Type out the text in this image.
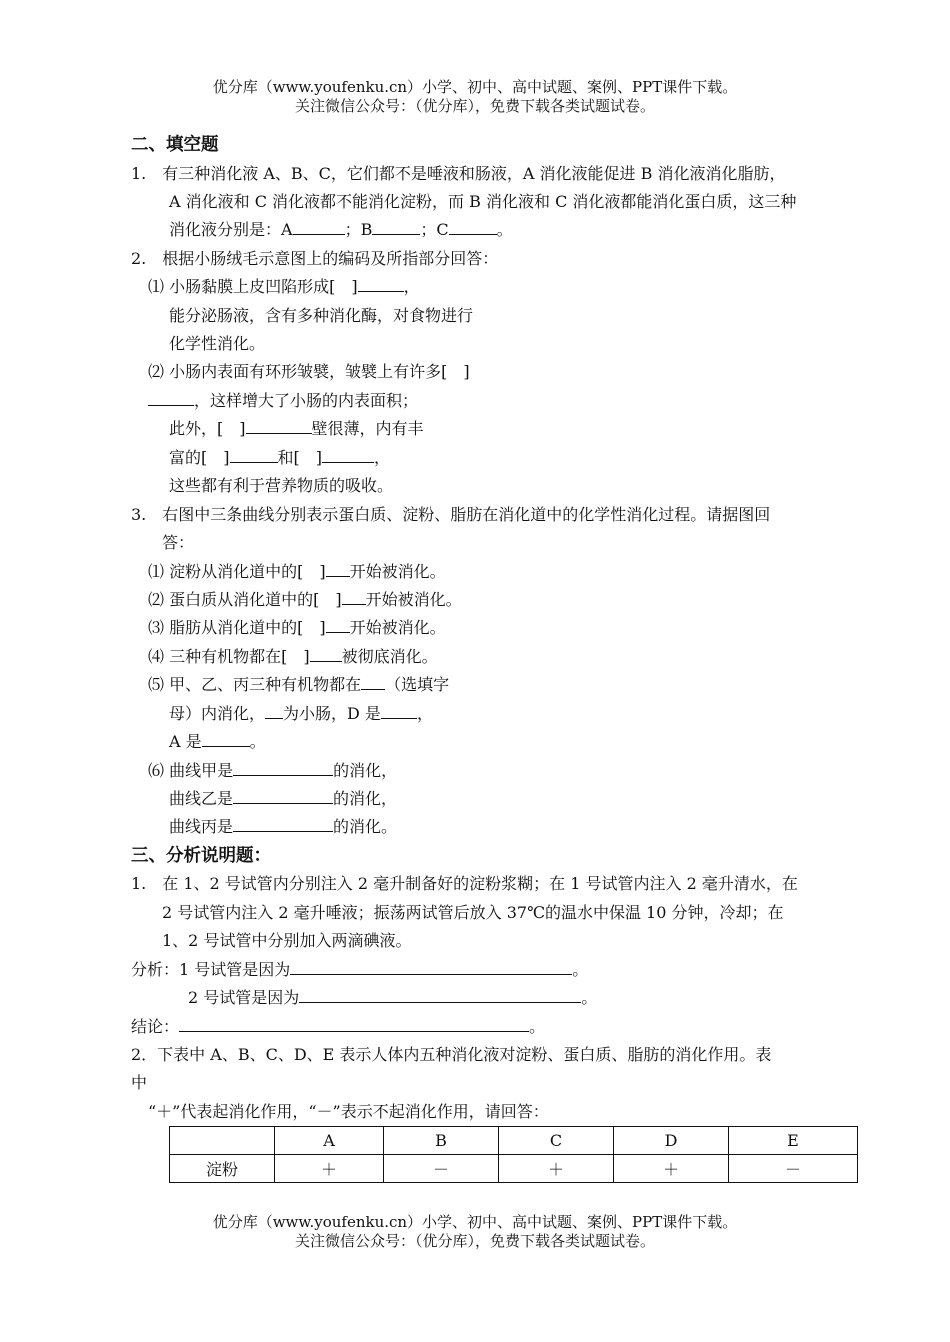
优分库（www.youfenku.cn）小学、初中、高中试题、案例、PPT课件下载。
关注微信公众号：（优分库），免费下载各类试题试卷。
二、填空题
1.　有三种消化液 A、B、C，它们都不是唾液和肠液，A 消化液能促进 B 消化液消化脂肪，
A 消化液和 C 消化液都不能消化淀粉，而 B 消化液和 C 消化液都能消化蛋白质，这三种
消化液分别是：A	；B	；C	。
2.　根据小肠绒毛示意图上的编码及所指部分回答：
⑴ 小肠黏膜上皮凹陷形成[　]	，
能分泌肠液，含有多种消化酶，对食物进行
化学性消化。
⑵ 小肠内表面有环形皱襞，皱襞上有许多[　]
，这样增大了小肠的内表面积；
此外，[　]	壁很薄，内有丰
富的[　]	和[　]	，
这些都有利于营养物质的吸收。
3.　右图中三条曲线分别表示蛋白质、淀粉、脂肪在消化道中的化学性消化过程。请据图回
答：
⑴ 淀粉从消化道中的[　] 开始被消化。
⑵ 蛋白质从消化道中的[　] 开始被消化。
⑶ 脂肪从消化道中的[　] 开始被消化。
⑷ 三种有机物都在[　] 被彻底消化。
⑸ 甲、乙、丙三种有机物都在 （选填字
母）内消化， 为小肠，D 是 ，
A 是	。
⑹ 曲线甲是	的消化，
曲线乙是	的消化，
曲线丙是	的消化。
三、分析说明题：
1.　在 1、2 号试管内分别注入 2 毫升制备好的淀粉浆糊；在 1 号试管内注入 2 毫升清水，在
2 号试管内注入 2 毫升唾液；振荡两试管后放入 37℃的温水中保温 10 分钟，冷却；在
1、2 号试管中分别加入两滴碘液。
分析：1 号试管是因为	。
2 号试管是因为	。
结论：	。
2．下表中 A、B、C、D、E 表示人体内五种消化液对淀粉、蛋白质、脂肪的消化作用。表
中
“＋”代表起消化作用，“－”表示不起消化作用，请回答：
	A	B	C	D	E
淀粉	＋	－	＋	＋	－
优分库（www.youfenku.cn）小学、初中、高中试题、案例、PPT课件下载。
关注微信公众号：（优分库），免费下载各类试题试卷。
